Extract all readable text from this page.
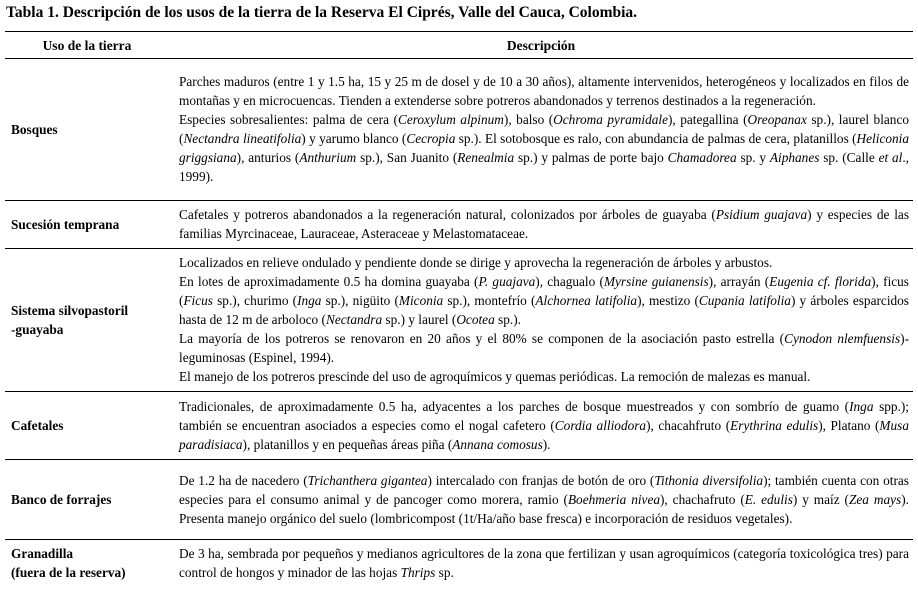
Tabla 1. Descripción de los usos de la tierra de la Reserva El Ciprés, Valle del Cauca, Colombia.
Uso de la tierra	Descripción

Bosques	Parches maduros (entre 1 y 1.5 ha, 15 y 25 m de dosel y de 10 a 30 años), altamente intervenidos, heterogéneos y localizados en filos de montañas y en microcuencas. Tienden a extenderse sobre potreros abandonados y terrenos destinados a la regeneración.
Especies sobresalientes: palma de cera (Ceroxylum alpinum), balso (Ochroma pyramidale), pategallina (Oreopanax sp.), laurel blanco (Nectandra lineatifolia) y yarumo blanco (Cecropia sp.). El sotobosque es ralo, con abundancia de palmas de cera, platanillos (Heliconia griggsiana), anturios (Anthurium sp.), San Juanito (Renealmia sp.) y palmas de porte bajo Chamadorea sp. y Aiphanes sp. (Calle et al., 1999).

Sucesión temprana	Cafetales y potreros abandonados a la regeneración natural, colonizados por árboles de guayaba (Psidium guajava) y especies de las familias Myrcinaceae, Lauraceae, Asteraceae y Melastomataceae.

Sistema silvopastoril
-guayaba	Localizados en relieve ondulado y pendiente donde se dirige y aprovecha la regeneración de árboles y arbustos.
En lotes de aproximadamente 0.5 ha domina guayaba (P. guajava), chagualo (Myrsine guianensis), arrayán (Eugenia cf. florida), ficus (Ficus sp.), churimo (Inga sp.), nigüito (Miconia sp.), montefrío (Alchornea latifolia), mestizo (Cupania latifolia) y árboles esparcidos hasta de 12 m de arboloco (Nectandra sp.) y laurel (Ocotea sp.).
La mayoría de los potreros se renovaron en 20 años y el 80% se componen de la asociación pasto estrella (Cynodon nlemfuensis)-leguminosas (Espinel, 1994).
El manejo de los potreros prescinde del uso de agroquímicos y quemas periódicas. La remoción de malezas es manual.

Cafetales	Tradicionales, de aproximadamente 0.5 ha, adyacentes a los parches de bosque muestreados y con sombrío de guamo (Inga spp.); también se encuentran asociados a especies como el nogal cafetero (Cordia alliodora), chacahfruto (Erythrina edulis), Platano (Musa paradisiaca), platanillos y en pequeñas áreas piña (Annana comosus).

Banco de forrajes	De 1.2 ha de nacedero (Trichanthera gigantea) intercalado con franjas de botón de oro (Tithonia diversifolia); también cuenta con otras especies para el consumo animal y de pancoger como morera, ramio (Boehmeria nivea), chachafruto (E. edulis) y maíz (Zea mays). Presenta manejo orgánico del suelo (lombricompost (1t/Ha/año base fresca) e incorporación de residuos vegetales).

Granadilla
(fuera de la reserva)	De 3 ha, sembrada por pequeños y medianos agricultores de la zona que fertilizan y usan agroquímicos (categoría toxicológica tres) para control de hongos y minador de las hojas Thrips sp.
